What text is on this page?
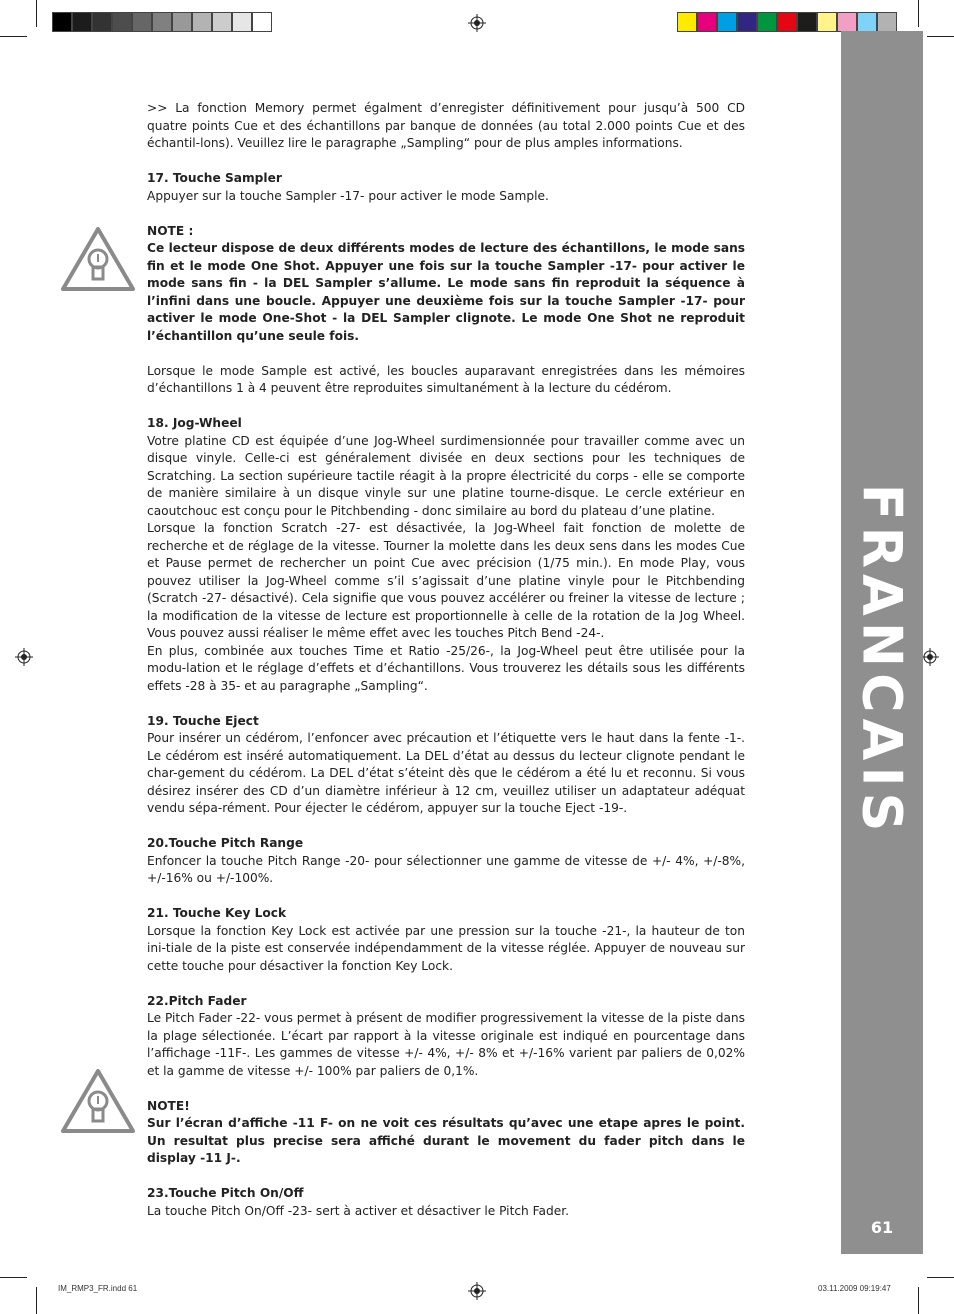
FRANCAIS
61

>> La fonction Memory permet égalment d’enregister définitivement pour jusqu’à 500 CD quatre points Cue et des échantillons par banque de données (au total 2.000 points Cue et des échantil-lons). Veuillez lire le paragraphe „Sampling“ pour de plus amples informations.

17. Touche Sampler

Appuyer sur la touche Sampler -17- pour activer le mode Sample.

NOTE :

Ce lecteur dispose de deux différents modes de lecture des échantillons, le mode sans fin et le mode One Shot. Appuyer une fois sur la touche Sampler -17- pour activer le mode sans fin - la DEL Sampler s’allume. Le mode sans fin reproduit la séquence à l’infini dans une boucle. Appuyer une deuxième fois sur la touche Sampler -17- pour activer le mode One-Shot - la DEL Sampler clignote. Le mode One Shot ne reproduit l’échantillon qu’une seule fois.

Lorsque le mode Sample est activé, les boucles auparavant enregistrées dans les mémoires d’échantillons 1 à 4 peuvent être reproduites simultanément à la lecture du cédérom.

18. Jog-Wheel
Votre platine CD est équipée d’une Jog-Wheel surdimensionnée pour travailler comme avec un disque vinyle. Celle-ci est généralement divisée en deux sections pour les techniques de Scratching. La section supérieure tactile réagit à la propre électricité du corps - elle se comporte de manière similaire à un disque vinyle sur une platine tourne-disque. Le cercle extérieur en caoutchouc est conçu pour le Pitchbending - donc similaire au bord du plateau d’une platine.
Lorsque la fonction Scratch -27- est désactivée, la Jog-Wheel fait fonction de molette de recherche et de réglage de la vitesse. Tourner la molette dans les deux sens dans les modes Cue et Pause permet de rechercher un point Cue avec précision (1/75 min.). En mode Play, vous pouvez utiliser la Jog-Wheel comme s’il s’agissait d’une platine vinyle pour le Pitchbending (Scratch -27- désactivé). Cela signifie que vous pouvez accélérer ou freiner la vitesse de lecture ; la modification de la vitesse de lecture est proportionnelle à celle de la rotation de la Jog Wheel. Vous pouvez aussi réaliser le même effet avec les touches Pitch Bend -24-.

En plus, combinée aux touches Time et Ratio -25/26-, la Jog-Wheel peut être utilisée pour la modu-lation et le réglage d’effets et d’échantillons. Vous trouverez les détails sous les différents effets -28 à 35- et au paragraphe „Sampling“.

19. Touche Eject

Pour insérer un cédérom, l’enfoncer avec précaution et l’étiquette vers le haut dans la fente -1-. Le cédérom est inséré automatiquement. La DEL d’état au dessus du lecteur clignote pendant le char-gement du cédérom. La DEL d’état s’éteint dès que le cédérom a été lu et reconnu. Si vous désirez insérer des CD d’un diamètre inférieur à 12 cm, veuillez utiliser un adaptateur adéquat vendu sépa-rément. Pour éjecter le cédérom, appuyer sur la touche Eject -19-.

20.Touche Pitch Range

Enfoncer la touche Pitch Range -20- pour sélectionner une gamme de vitesse de +/- 4%, +/-8%, +/-16% ou +/-100%.

21. Touche Key Lock

Lorsque la fonction Key Lock est activée par une pression sur la touche -21-, la hauteur de ton ini-tiale de la piste est conservée indépendamment de la vitesse réglée. Appuyer de nouveau sur cette touche pour désactiver la fonction Key Lock.

22.Pitch Fader

Le Pitch Fader -22- vous permet à présent de modifier progressivement la vitesse de la piste dans la plage sélectionée. L’écart par rapport à la vitesse originale est indiqué en pourcentage dans l’affichage -11F-. Les gammes de vitesse +/- 4%, +/- 8% et +/-16% varient par paliers de 0,02% et la gamme de vitesse +/- 100% par paliers de 0,1%.

NOTE!

Sur l’écran d’affiche -11 F- on ne voit ces résultats qu’avec une etape apres le point. Un resultat plus precise sera affiché durant le movement du fader pitch dans le display -11 J-.

23.Touche Pitch On/Off

La touche Pitch On/Off -23- sert à activer et désactiver le Pitch Fader.

IM_RMP3_FR.indd 61	03.11.2009 09:19:47
